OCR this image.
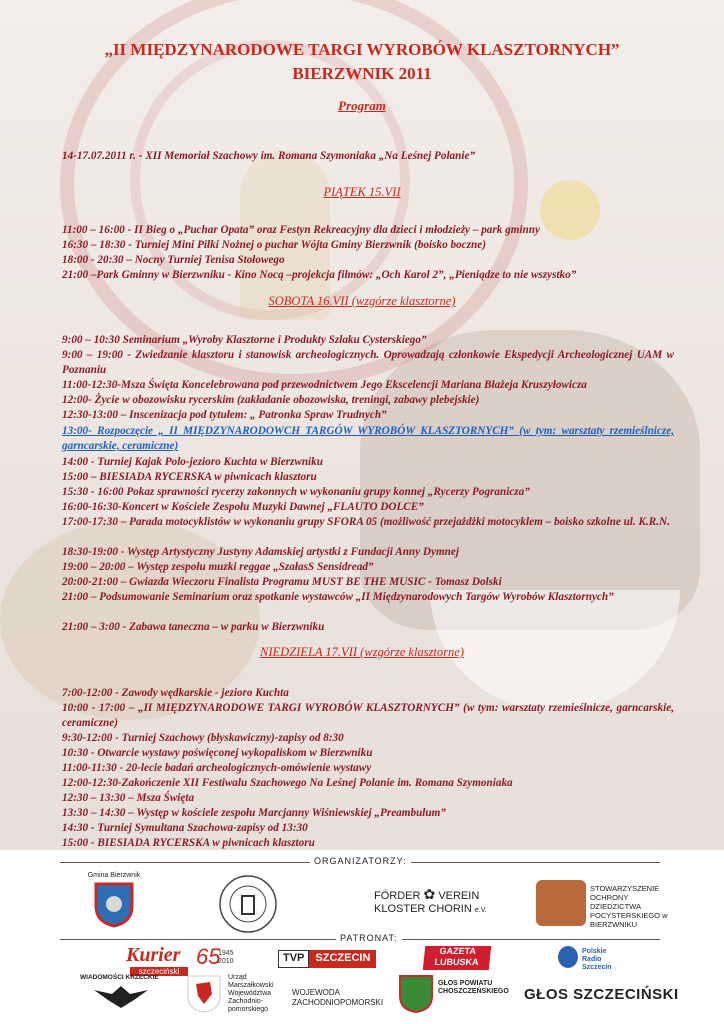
„II MIĘDZYNARODOWE TARGI WYROBÓW KLASZTORNYCH”
BIERZWNIK 2011
Program
14-17.07.2011 r. - XII Memoriał Szachowy im. Romana Szymoniaka „Na Leśnej Polanie”
PIĄTEK 15.VII
11:00 – 16:00 - II Bieg o „Puchar Opata” oraz Festyn Rekreacyjny dla dzieci i młodzieży – park gminny
16:30 – 18:30 - Turniej Mini Piłki Nożnej o puchar Wójta Gminy Bierzwnik (boisko boczne)
18:00 - 20:30 – Nocny Turniej Tenisa Stołowego
21:00 –Park Gminny w Bierzwniku - Kino Nocą –projekcja filmów: „Och Karol 2”, „Pieniądze to nie wszystko”
SOBOTA 16.VII (wzgórze klasztorne)
9:00 – 10:30 Seminarium „Wyroby Klasztorne i Produkty Szlaku Cysterskiego”
9:00 – 19:00 - Zwiedzanie klasztoru i stanowisk archeologicznych. Oprowadzają członkowie Ekspedycji Archeologicznej UAM w Poznaniu
11:00-12:30-Msza Święta Koncelebrowana pod przewodnictwem Jego Ekscelencji Mariana Błażeja Kruszyłowicza
12:00- Życie w obozowisku rycerskim (zakładanie obozowiska, treningi, zabawy plebejskie)
12:30-13:00 – Inscenizacja pod tytułem: „ Patronka Spraw Trudnych”
13:00- Rozpoczęcie „ II MIĘDZYNARODOWCH TARGÓW WYROBÓW KLASZTORNYCH” (w tym: warsztaty rzemieślnicze, garncarskie, ceramiczne)
14:00 - Turniej Kajak Polo-jezioro Kuchta w Bierzwniku
15:00 – BIESIADA RYCERSKA w piwnicach klasztoru
15:30 - 16:00 Pokaz sprawności rycerzy zakonnych w wykonaniu grupy konnej „Rycerzy Pogranicza”
16:00-16:30-Koncert w Kościele Zespołu Muzyki Dawnej „FLAUTO DOLCE”
17:00-17:30 – Parada motocyklistów w wykonaniu grupy SFORA 05 (możliwość przejażdżki motocyklem – boisko szkolne ul. K.R.N.
18:30-19:00 - Występ Artystyczny Justyny Adamskiej artystki z Fundacji Anny Dymnej
19:00 – 20:00 – Występ zespołu muzki reggae „SzałasS Sensidread”
20:00-21:00 – Gwiazda Wieczoru Finalista Programu MUST BE THE MUSIC - Tomasz Dolski
21:00 – Podsumowanie Seminarium oraz spotkanie wystawców „II Międzynarodowych Targów Wyrobów Klasztornych”
21:00 – 3:00 - Zabawa taneczna – w parku w Bierzwniku
NIEDZIELA 17.VII (wzgórze klasztorne)
7:00-12:00 - Zawody wędkarskie - jezioro Kuchta
10:00 - 17:00 – „II MIĘDZYNARODOWE TARGI WYROBÓW KLASZTORNYCH” (w tym: warsztaty rzemieślnicze, garncarskie, ceramiczne)
9:30-12:00 - Turniej Szachowy (błyskawiczny)-zapisy od 8:30
10:30 - Otwarcie wystawy poświęconej wykopaliskom w Bierzwniku
11:00-11:30 - 20-lecie badań archeologicznych-omówienie wystawy
12:00-12:30-Zakończenie XII Festiwalu Szachowego Na Leśnej Polanie im. Romana Szymoniaka
12:30 – 13:30 – Msza Święta
13:30 – 14:30 – Występ w kościele zespołu Marcjanny Wiśniewskiej „Preambulum”
14:30 - Turniej Symultana Szachowa-zapisy od 13:30
15:00 - BIESIADA RYCERSKA w piwnicach klasztoru
ORGANIZATORZY:
Gmina Bierzwnik
FÖRDER ✿ VEREIN
KLOSTER CHORIN e.V.
STOWARZYSZENIE OCHRONY DZIEDZICTWA POCYSTERSKIEGO w BIERZWNIKU
PATRONAT:
Kurier
szczeciński
65
1945 2010	TVP	SZCZECIN
GAZETA LUBUSKA
Polskie Radio Szczecin
WIADOMOŚCI KRZECKIE	Urząd Marszałkowski Województwa Zachodnio-pomorskiego
WOJEWODA ZACHODNIOPOMORSKI
GŁOS POWIATU CHOSZCZEŃSKIEGO	GŁOS SZCZECIŃSKI
